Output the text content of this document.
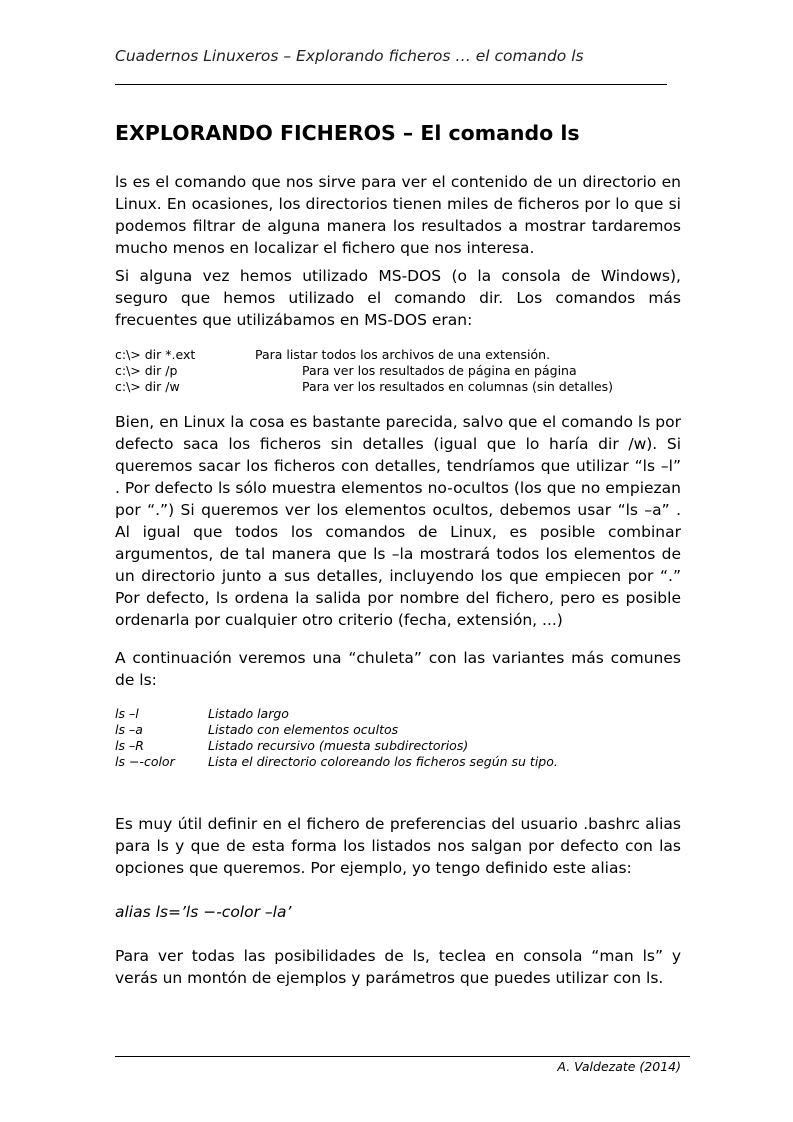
Cuadernos Linuxeros – Explorando ficheros … el comando ls
EXPLORANDO FICHEROS – El comando ls

ls es el comando que nos sirve para ver el contenido de un directorio en Linux. En ocasiones, los directorios tienen miles de ficheros por lo que si podemos filtrar de alguna manera los resultados a mostrar tardaremos mucho menos en localizar el fichero que nos interesa.

Si alguna vez hemos utilizado MS-DOS (o la consola de Windows), seguro que hemos utilizado el comando dir. Los comandos más frecuentes que utilizábamos en MS-DOS eran:

c:\> dir *.ext	Para listar todos los archivos de una extensión.
c:\> dir /p	Para ver los resultados de página en página
c:\> dir /w	Para ver los resultados en columnas (sin detalles)

Bien, en Linux la cosa es bastante parecida, salvo que el comando ls por defecto saca los ficheros sin detalles (igual que lo haría dir /w). Si queremos sacar los ficheros con detalles, tendríamos que utilizar “ls –l” . Por defecto ls sólo muestra elementos no-ocultos (los que no empiezan por “.”) Si queremos ver los elementos ocultos, debemos usar “ls –a” . Al igual que todos los comandos de Linux, es posible combinar argumentos, de tal manera que ls –la mostrará todos los elementos de un directorio junto a sus detalles, incluyendo los que empiecen por “.” Por defecto, ls ordena la salida por nombre del fichero, pero es posible ordenarla por cualquier otro criterio (fecha, extensión, ...)

A continuación veremos una “chuleta” con las variantes más comunes de ls:

ls –l	Listado largo
ls –a	Listado con elementos ocultos
ls –R	Listado recursivo (muesta subdirectorios)
ls −-color	Lista el directorio coloreando los ficheros según su tipo.

Es muy útil definir en el fichero de preferencias del usuario .bashrc alias para ls y que de esta forma los listados nos salgan por defecto con las opciones que queremos. Por ejemplo, yo tengo definido este alias:

alias ls=’ls −-color –la’

Para ver todas las posibilidades de ls, teclea en consola “man ls” y verás un montón de ejemplos y parámetros que puedes utilizar con ls.

A. Valdezate (2014)
